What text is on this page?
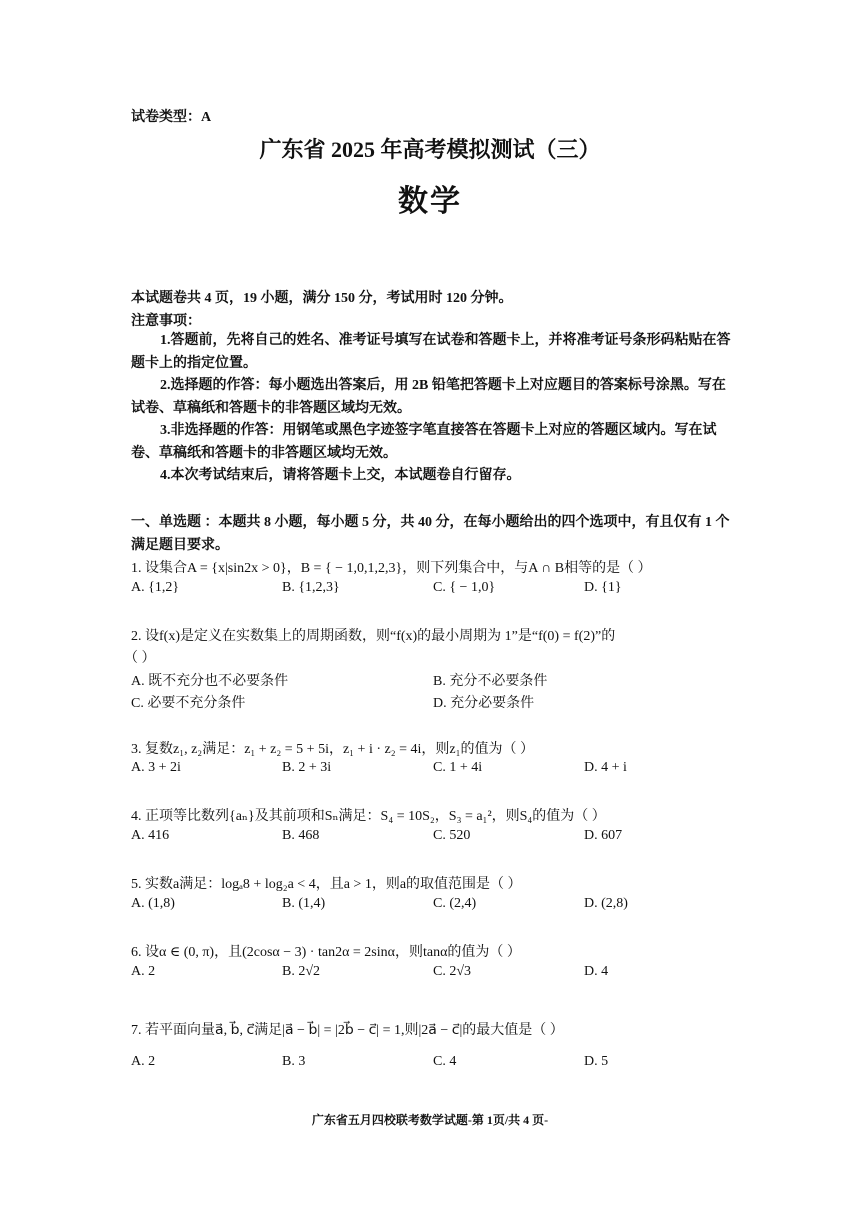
试卷类型：A
广东省 2025 年高考模拟测试（三）
数学
本试题卷共 4 页，19 小题，满分 150 分，考试用时 120 分钟。
注意事项：
1.答题前，先将自己的姓名、准考证号填写在试卷和答题卡上，并将准考证号条形码粘贴在答题卡上的指定位置。
2.选择题的作答：每小题选出答案后，用 2B 铅笔把答题卡上对应题目的答案标号涂黑。写在试卷、草稿纸和答题卡的非答题区域均无效。
3.非选择题的作答：用钢笔或黑色字迹签字笔直接答在答题卡上对应的答题区域内。写在试卷、草稿纸和答题卡的非答题区域均无效。
4.本次考试结束后，请将答题卡上交，本试题卷自行留存。
一、单选题 ：本题共 8 小题，每小题 5 分，共 40 分，在每小题给出的四个选项中，有且仅有 1 个满足题目要求。
1. 设集合A = {x|sin2x > 0}，B = { − 1,0,1,2,3}，则下列集合中，与A ∩ B相等的是（ ）
A. {1,2}	B. {1,2,3}	C. { − 1,0}	D. {1}
2. 设f(x)是定义在实数集上的周期函数，则“f(x)的最小周期为 1”是“f(0) = f(2)”的
（ ）
A. 既不充分也不必要条件	B. 充分不必要条件
C. 必要不充分条件	D. 充分必要条件
3. 复数z₁, z₂满足：z₁ + z₂ = 5 + 5i，z₁ + i · z₂ = 4i，则z₁的值为（ ）
A. 3 + 2i	B. 2 + 3i	C. 1 + 4i	D. 4 + i
4. 正项等比数列{aₙ}及其前项和Sₙ满足：S₄ = 10S₂，S₃ = a₁²，则S₄的值为（ ）
A. 416	B. 468	C. 520	D. 607
5. 实数a满足：logₐ8 + log₂a < 4，且a > 1，则a的取值范围是（ ）
A. (1,8)	B. (1,4)	C. (2,4)	D. (2,8)
6. 设α ∈ (0, π)，且(2cosα − 3) · tan2α = 2sinα，则tanα的值为（ ）
A. 2	B. 2√2	C. 2√3	D. 4
7. 若平面向量a⃗, b⃗, c⃗满足|a⃗ − b⃗| = |2b⃗ − c⃗| = 1,则|2a⃗ − c⃗|的最大值是（ ）
A. 2	B. 3	C. 4	D. 5
广东省五月四校联考数学试题-第 1页/共 4 页-
